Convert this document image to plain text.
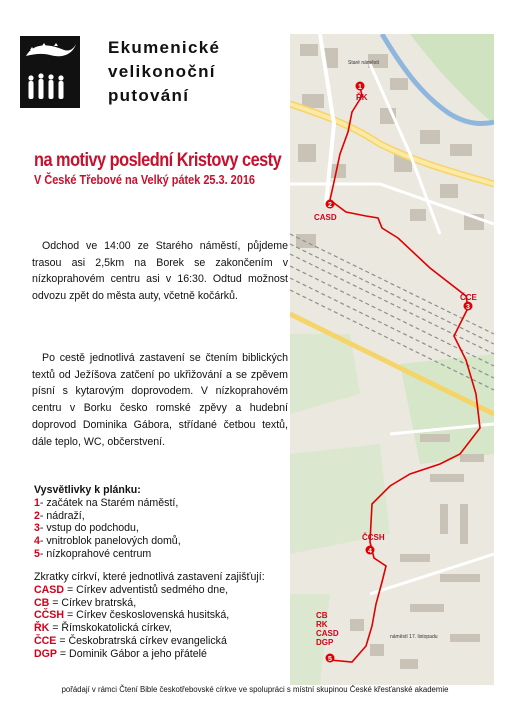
Ekumenické
velikonoční
putování
na motivy poslední Kristovy cesty
V České Třebové na Velký pátek 25.3. 2016

Odchod ve 14:00 ze Starého náměstí, půjdeme trasou asi 2,5km na Borek se zakončením v nízkoprahovém centru asi v 16:30. Odtud možnost odvozu zpět do města auty, včetně kočárků.

Po cestě jednotlivá zastavení se čtením biblických textů od Ježíšova zatčení po ukřižování a se zpěvem písní s kytarovým doprovodem. V nízkoprahovém centru v Borku česko romské zpěvy a hudební doprovod Dominika Gábora, střídané četbou textů, dále teplo, WC, občerstvení.

Vysvětlivky k plánku:
1- začátek na Starém náměstí,
2- nádraží,
3- vstup do podchodu,
4- vnitroblok panelových domů,
5- nízkoprahové centrum
Zkratky církví, které jednotlivá zastavení zajišťují:
CASD = Církev adventistů sedmého dne,
CB = Církev bratrská,
CČSH = Církev československá husitská,
ŘK = Římskokatolická církev,
ČCE = Českobratrská církev evangelická
DGP = Dominik Gábor a jeho přátelé
pořádají v rámci Čtení Bible českotřebovské církve ve spolupráci s místní skupinou České křesťanské akademie
1
2
3
4
5
ŘK
CASD
ČCE
ČCSH
CB
RK
CASD
DGP
Staré náměstí
náměstí 17. listopadu
